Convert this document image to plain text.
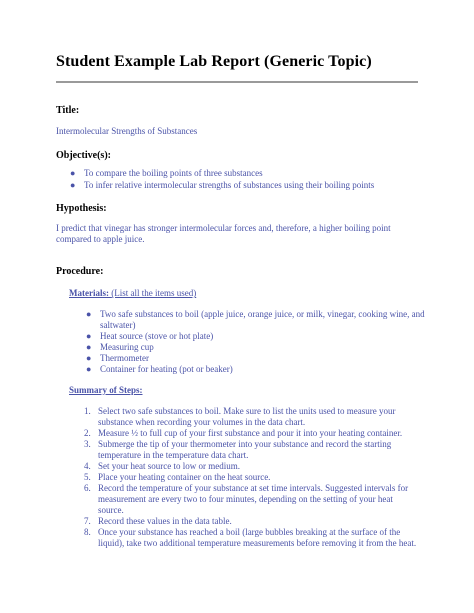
Student Example Lab Report (Generic Topic)
Title:
Intermolecular Strengths of Substances
Objective(s):
● To compare the boiling points of three substances
● To infer relative intermolecular strengths of substances using their boiling points
Hypothesis:
I predict that vinegar has stronger intermolecular forces and, therefore, a higher boiling point compared to apple juice.
Procedure:
Materials: (List all the items used)
● Two safe substances to boil (apple juice, orange juice, or milk, vinegar, cooking wine, and saltwater)
● Heat source (stove or hot plate)
● Measuring cup
● Thermometer
● Container for heating (pot or beaker)
Summary of Steps:
1. Select two safe substances to boil. Make sure to list the units used to measure your substance when recording your volumes in the data chart.
2. Measure ½ to full cup of your first substance and pour it into your heating container.
3. Submerge the tip of your thermometer into your substance and record the starting temperature in the temperature data chart.
4. Set your heat source to low or medium.
5. Place your heating container on the heat source.
6. Record the temperature of your substance at set time intervals. Suggested intervals for measurement are every two to four minutes, depending on the setting of your heat source.
7. Record these values in the data table.
8. Once your substance has reached a boil (large bubbles breaking at the surface of the liquid), take two additional temperature measurements before removing it from the heat.
